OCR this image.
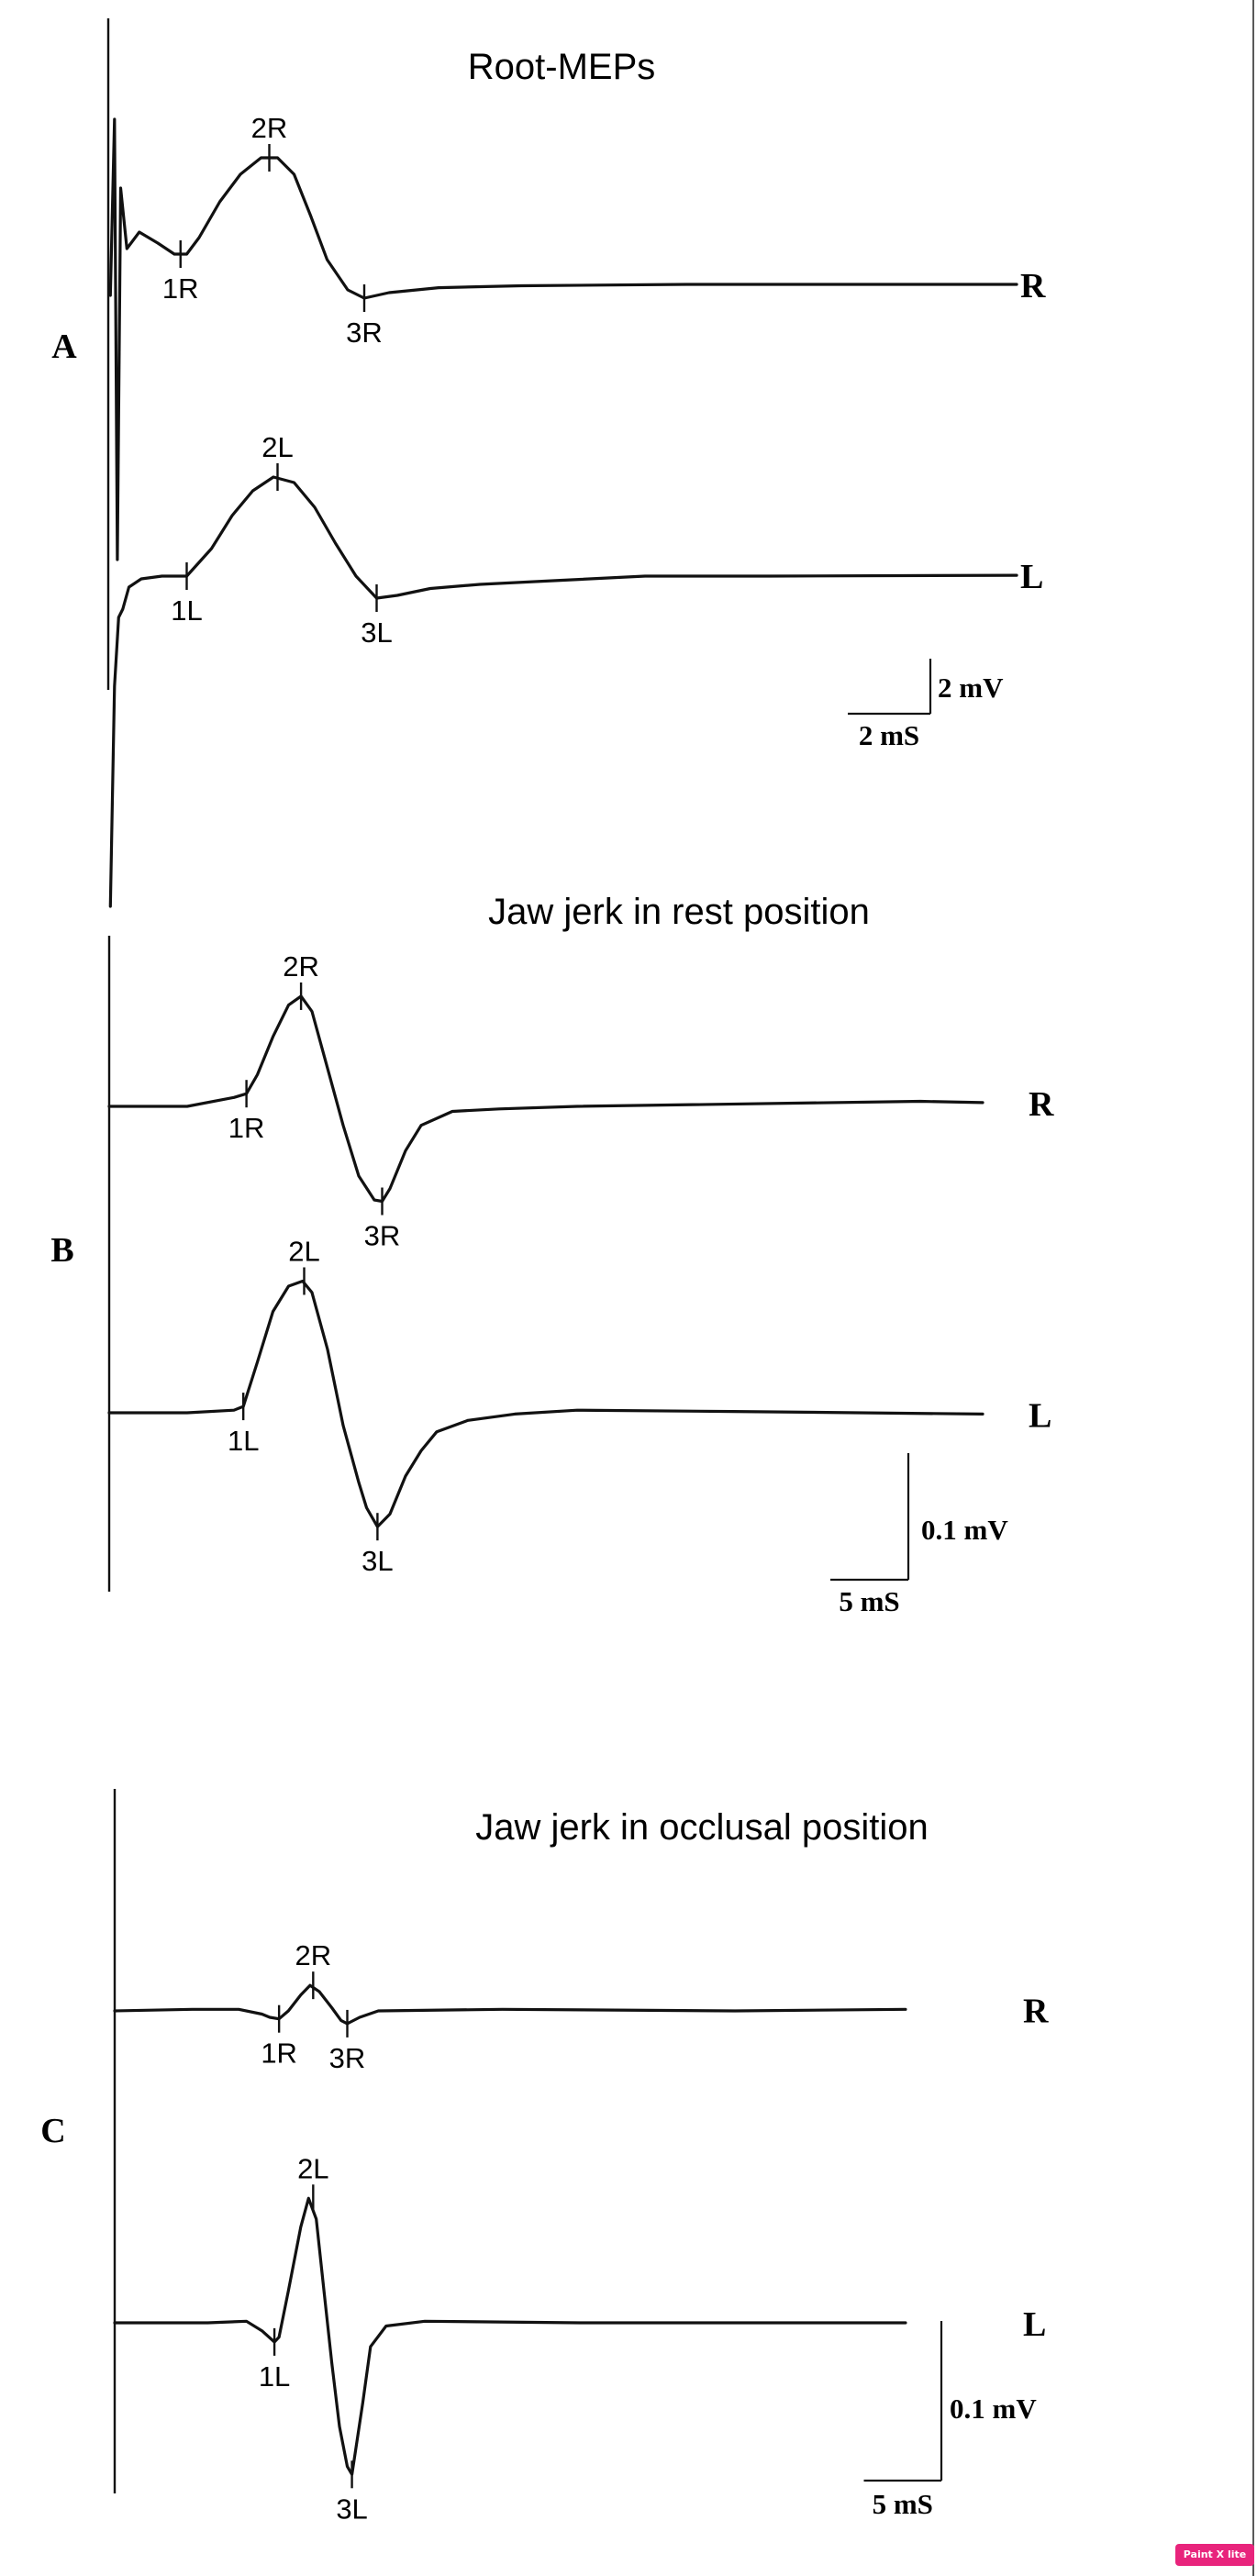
Root-MEPs
A
1R
2R
3R
R
1L
2L
3L
L
2 mS
2 mV
Jaw jerk in rest position
B
1R
2R
3R
R
1L
2L
3L
L
5 mS
0.1 mV
Jaw jerk in occlusal position
C
1R
2R
3R
R
1L
2L
3L
L
5 mS
0.1 mV
Paint X lite
